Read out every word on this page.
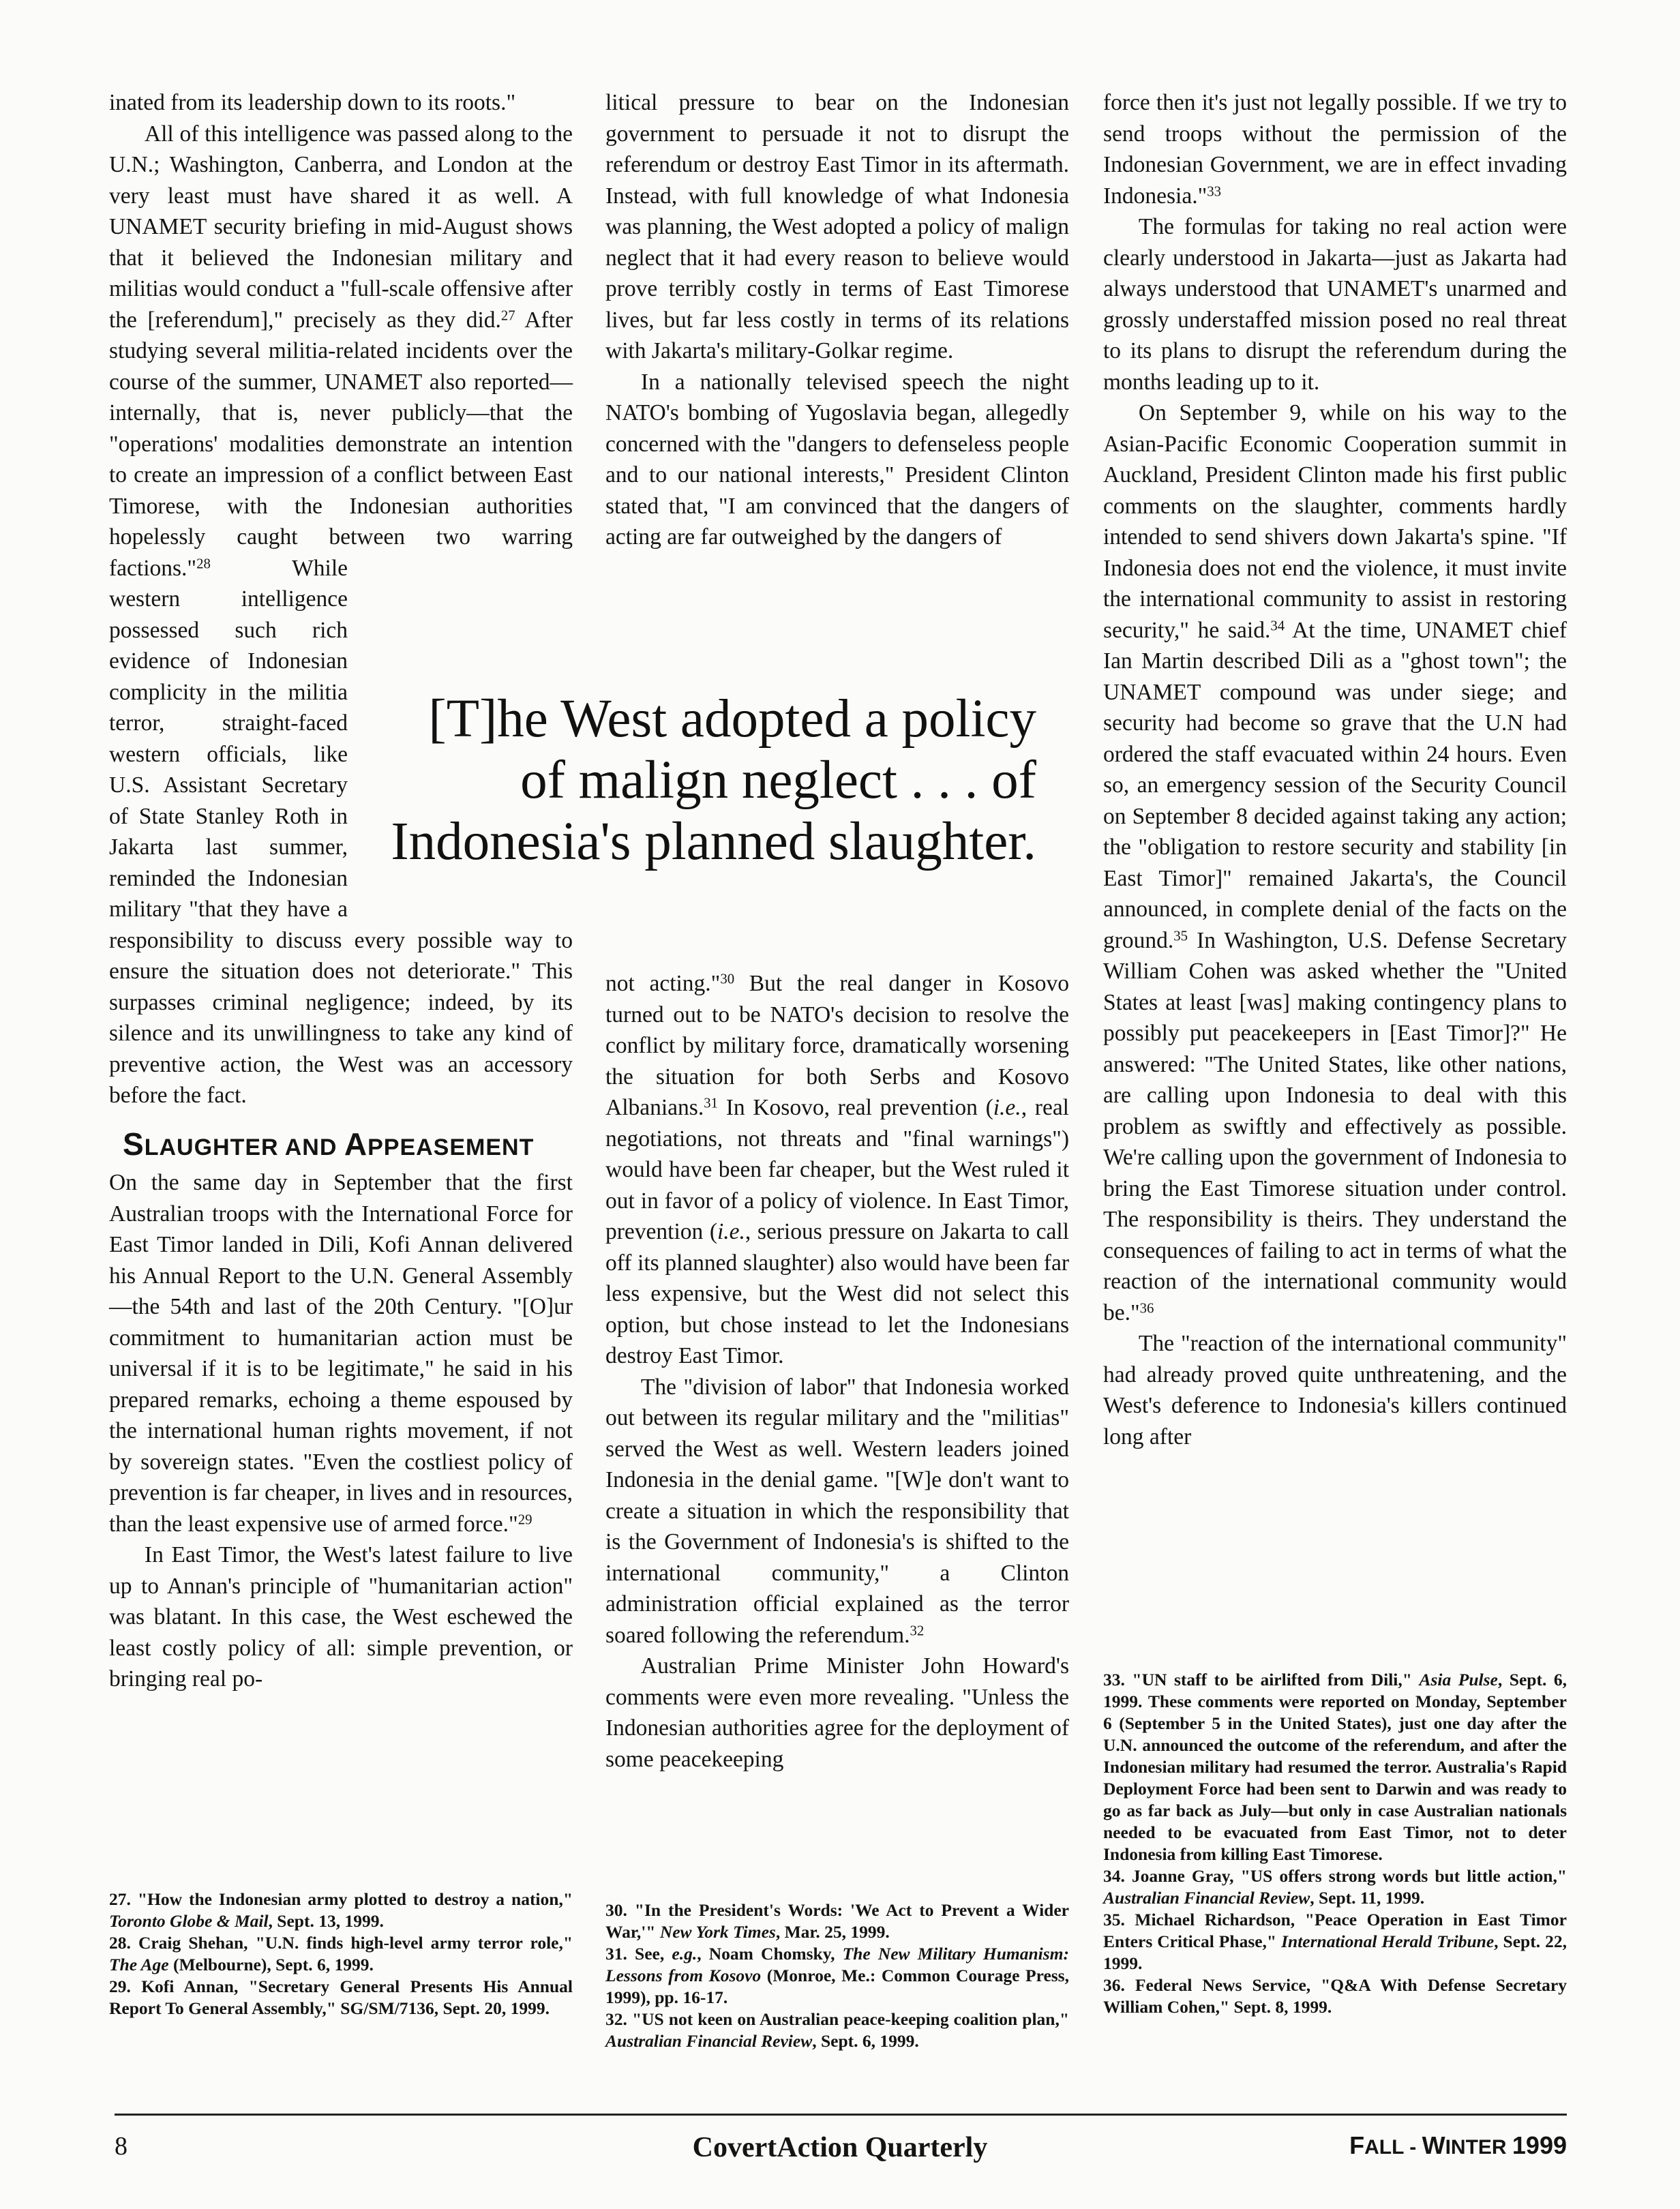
inated from its leadership down to its roots."

All of this intelligence was passed along to the U.N.; Washington, Canberra, and London at the very least must have shared it as well. A UNAMET security briefing in mid-August shows that it believed the Indonesian military and militias would conduct a "full-scale offensive after the [referendum]," precisely as they did.$^{27}$ After studying several militia-related incidents over the course of the summer, UNAMET also reported—internally, that is, never publicly—that the "operations' modalities demonstrate an intention to create an impression of a conflict between East Timorese, with the Indonesian authorities hopelessly caught between two warring factions."
$^{28}$ While western intelligence possessed such rich evidence of Indonesian complicity in the militia terror, straight-faced western officials, like U.S. Assistant Secretary of State Stanley Roth in Jakarta last summer, reminded the Indonesian military "that they have a responsibility to discuss every possible way to ensure the situation does not deteriorate." This surpasses criminal negligence; indeed, by its silence and its unwillingness to take any kind of preventive action, the West was an accessory before the fact.

SLAUGHTER AND APPEASEMENT

On the same day in September that the first Australian troops with the International Force for East Timor landed in Dili, Kofi Annan delivered his Annual Report to the U.N. General Assembly—the 54th and last of the 20th Century. "[O]ur commitment to humanitarian action must be universal if it is to be legitimate," he said in his prepared remarks, echoing a theme espoused by the international human rights movement, if not by sovereign states. "Even the costliest policy of prevention is far cheaper, in lives and in resources, than the least expensive use of armed force."$^{29}$

In East Timor, the West's latest failure to live up to Annan's principle of "humanitarian action" was blatant. In this case, the West eschewed the least costly policy of all: simple prevention, or bringing real po-

litical pressure to bear on the Indonesian government to persuade it not to disrupt the referendum or destroy East Timor in its aftermath. Instead, with full knowledge of what Indonesia was planning, the West adopted a policy of malign neglect that it had every reason to believe would prove terribly costly in terms of East Timorese lives, but far less costly in terms of its relations with Jakarta's military-Golkar regime.

In a nationally televised speech the night NATO's bombing of Yugoslavia began, allegedly concerned with the "dangers to defenseless people and to our national interests," President Clinton stated that, "I am convinced that the dangers of acting are far outweighed by the dangers of

[T]he West adopted a policy of malign neglect . . . of Indonesia's planned slaughter.

not acting."$^{30}$ But the real danger in Kosovo turned out to be NATO's decision to resolve the conflict by military force, dramatically worsening the situation for both Serbs and Kosovo Albanians.$^{31}$ In Kosovo, real prevention (i.e., real negotiations, not threats and "final warnings") would have been far cheaper, but the West ruled it out in favor of a policy of violence. In East Timor, prevention (i.e., serious pressure on Jakarta to call off its planned slaughter) also would have been far less expensive, but the West did not select this option, but chose instead to let the Indonesians destroy East Timor.

The "division of labor" that Indonesia worked out between its regular military and the "militias" served the West as well. Western leaders joined Indonesia in the denial game. "[W]e don't want to create a situation in which the responsibility that is the Government of Indonesia's is shifted to the international community," a Clinton administration official explained as the terror soared following the referendum.$^{32}$

Australian Prime Minister John Howard's comments were even more revealing. "Unless the Indonesian authorities agree for the deployment of some peacekeeping

force then it's just not legally possible. If we try to send troops without the permission of the Indonesian Government, we are in effect invading Indonesia."$^{33}$

The formulas for taking no real action were clearly understood in Jakarta—just as Jakarta had always understood that UNAMET's unarmed and grossly understaffed mission posed no real threat to its plans to disrupt the referendum during the months leading up to it.

On September 9, while on his way to the Asian-Pacific Economic Cooperation summit in Auckland, President Clinton made his first public comments on the slaughter, comments hardly intended to send shivers down Jakarta's spine. "If Indonesia does not end the violence, it must invite the international community to assist in restoring security," he said.$^{34}$ At the time, UNAMET chief Ian Martin described Dili as a "ghost town"; the UNAMET compound was under siege; and security had become so grave that the U.N had ordered the staff evacuated within 24 hours. Even so, an emergency session of the Security Council on September 8 decided against taking any action; the "obligation to restore security and stability [in East Timor]" remained Jakarta's, the Council announced, in complete denial of the facts on the ground.$^{35}$ In Washington, U.S. Defense Secretary William Cohen was asked whether the "United States at least [was] making contingency plans to possibly put peacekeepers in [East Timor]?" He answered: "The United States, like other nations, are calling upon Indonesia to deal with this problem as swiftly and effectively as possible. We're calling upon the government of Indonesia to bring the East Timorese situation under control. The responsibility is theirs. They understand the consequences of failing to act in terms of what the reaction of the international community would be."$^{36}$

The "reaction of the international community" had already proved quite unthreatening, and the West's deference to Indonesia's killers continued long after

27. "How the Indonesian army plotted to destroy a nation," Toronto Globe & Mail, Sept. 13, 1999.
28. Craig Shehan, "U.N. finds high-level army terror role," The Age (Melbourne), Sept. 6, 1999.
29. Kofi Annan, "Secretary General Presents His Annual Report To General Assembly," SG/SM/7136, Sept. 20, 1999.
30. "In the President's Words: 'We Act to Prevent a Wider War,'" New York Times, Mar. 25, 1999.
31. See, e.g., Noam Chomsky, The New Military Humanism: Lessons from Kosovo (Monroe, Me.: Common Courage Press, 1999), pp. 16-17.
32. "US not keen on Australian peace-keeping coalition plan," Australian Financial Review, Sept. 6, 1999.
33. "UN staff to be airlifted from Dili," Asia Pulse, Sept. 6, 1999. These comments were reported on Monday, September 6 (September 5 in the United States), just one day after the U.N. announced the outcome of the referendum, and after the Indonesian military had resumed the terror. Australia's Rapid Deployment Force had been sent to Darwin and was ready to go as far back as July—but only in case Australian nationals needed to be evacuated from East Timor, not to deter Indonesia from killing East Timorese.
34. Joanne Gray, "US offers strong words but little action," Australian Financial Review, Sept. 11, 1999.
35. Michael Richardson, "Peace Operation in East Timor Enters Critical Phase," International Herald Tribune, Sept. 22, 1999.
36. Federal News Service, "Q&A With Defense Secretary William Cohen," Sept. 8, 1999.
CovertAction Quarterly
8	FALL - WINTER 1999
